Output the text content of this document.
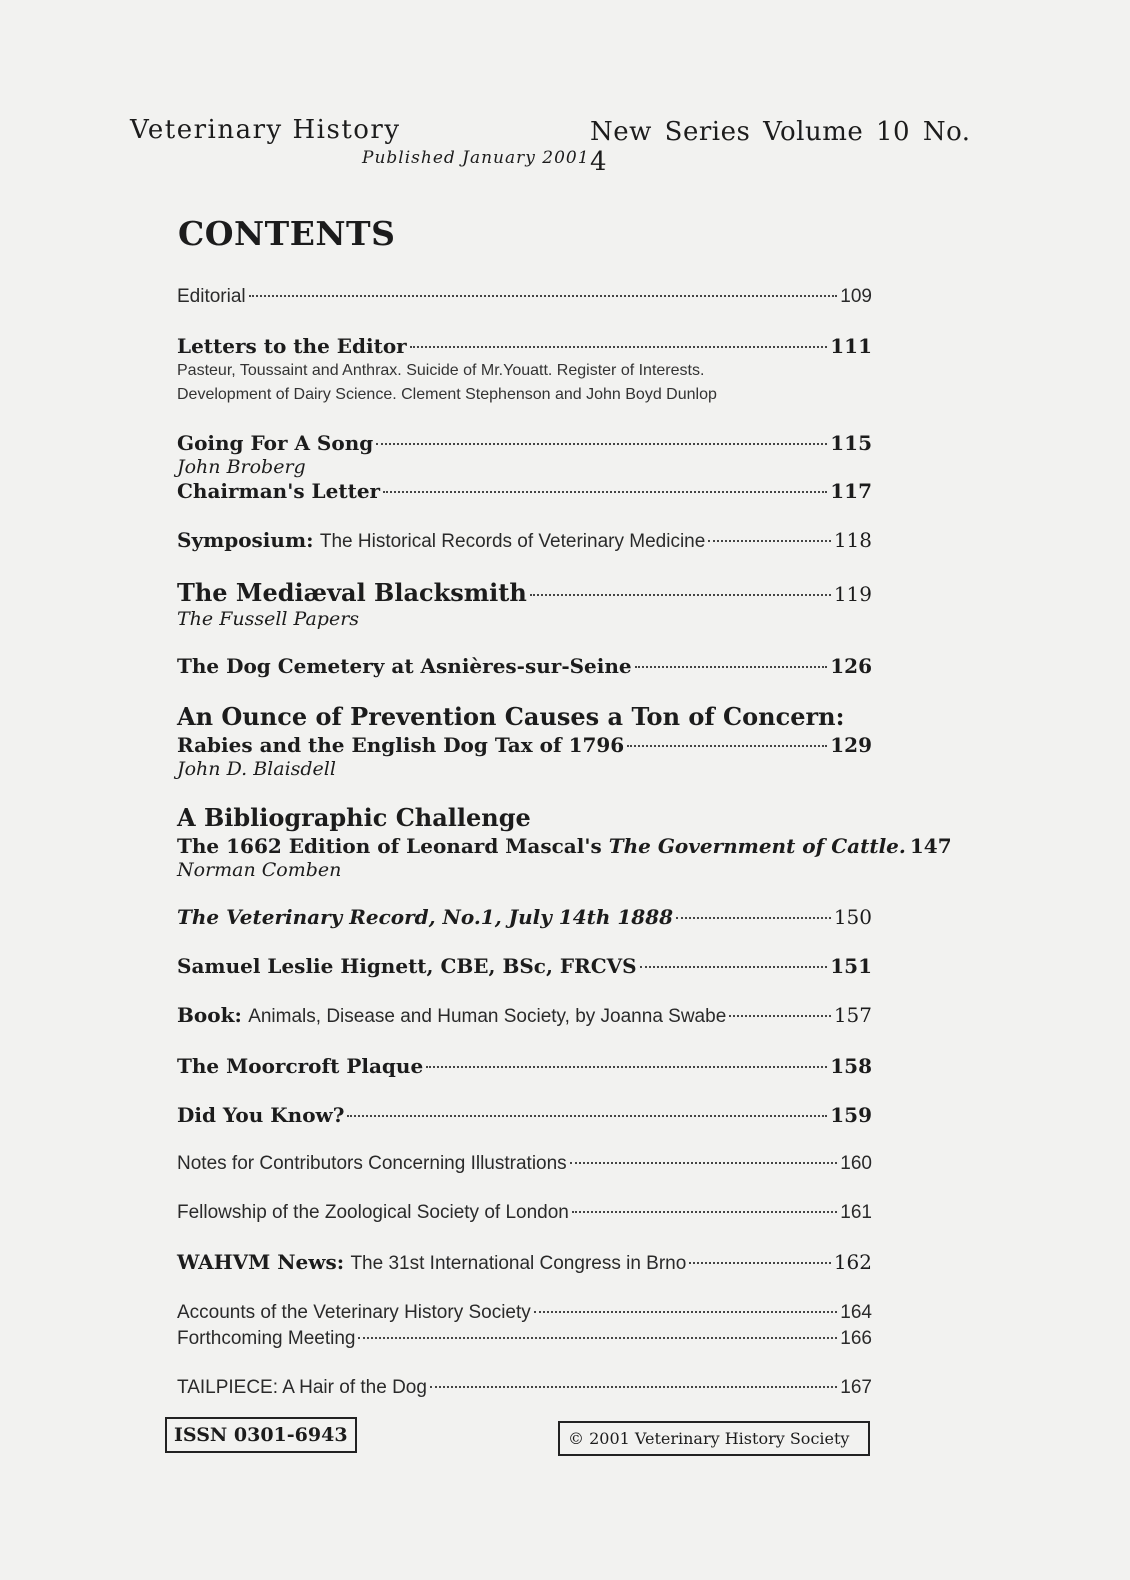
Veterinary History	New Series Volume 10 No. 4
Published January 2001
CONTENTS
Editorial	109
Letters to the Editor	111
Pasteur, Toussaint and Anthrax. Suicide of Mr.Youatt. Register of Interests.
Development of Dairy Science. Clement Stephenson and John Boyd Dunlop
Going For A Song	115
John Broberg
Chairman's Letter	117
Symposium: The Historical Records of Veterinary Medicine	118
The Mediæval Blacksmith	119
The Fussell Papers
The Dog Cemetery at Asnières-sur-Seine	126
An Ounce of Prevention Causes a Ton of Concern:
Rabies and the English Dog Tax of 1796	129
John D. Blaisdell
A Bibliographic Challenge
The 1662 Edition of Leonard Mascal's The Government of Cattle. 147
Norman Comben
The Veterinary Record, No.1, July 14th 1888	150
Samuel Leslie Hignett, CBE, BSc, FRCVS	151
Book: Animals, Disease and Human Society, by Joanna Swabe	157
The Moorcroft Plaque	158
Did You Know?	159
Notes for Contributors Concerning Illustrations	160
Fellowship of the Zoological Society of London	161
WAHVM News: The 31st International Congress in Brno	162
Accounts of the Veterinary History Society	164
Forthcoming Meeting	166
TAILPIECE: A Hair of the Dog	167
ISSN 0301-6943	© 2001 Veterinary History Society
